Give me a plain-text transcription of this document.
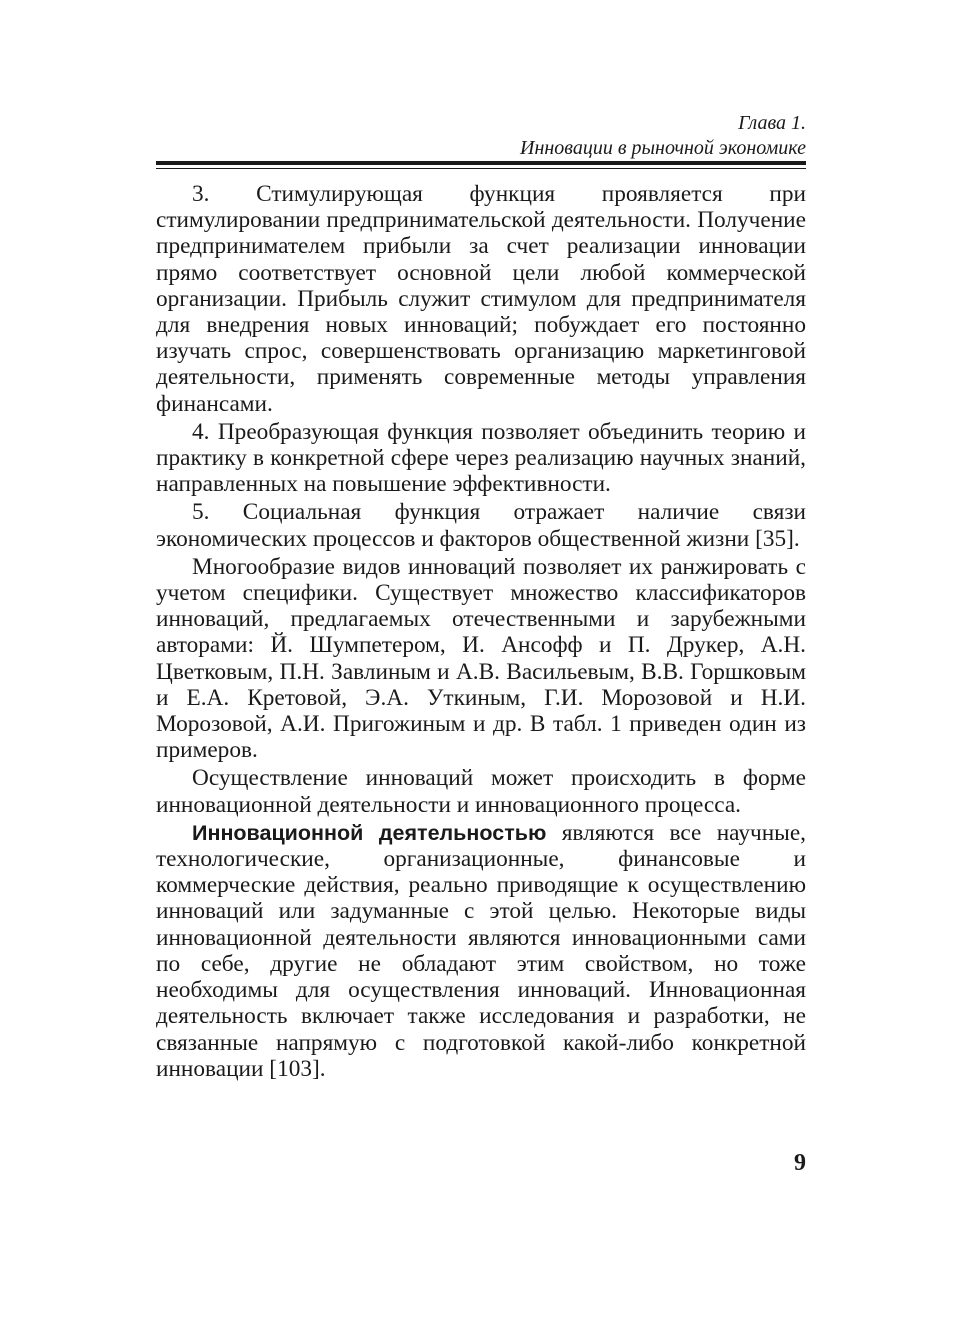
Глава 1.
Инновации в рыночной экономике

3. Стимулирующая функция проявляется при стимулировании предпринимательской деятельности. Получение предпринимателем прибыли за счет реализации инновации прямо соответствует основной цели любой коммерческой организации. Прибыль служит стимулом для предпринимателя для внедрения новых инноваций; побуждает его постоянно изучать спрос, совершенствовать организацию маркетинговой деятельности, применять современные методы управления финансами.

4. Преобразующая функция позволяет объединить теорию и практику в конкретной сфере через реализацию научных знаний, направленных на повышение эффективности.

5. Социальная функция отражает наличие связи экономических процессов и факторов общественной жизни [35].

Многообразие видов инноваций позволяет их ранжировать с учетом специфики. Существует множество классификаторов инноваций, предлагаемых отечественными и зарубежными авторами: Й. Шумпетером, И. Ансофф и П. Друкер, А.Н. Цветковым, П.Н. Завлиным и А.В. Васильевым, В.В. Горшковым и Е.А. Кретовой, Э.А. Уткиным, Г.И. Морозовой и Н.И. Морозовой, А.И. Пригожиным и др. В табл. 1 приведен один из примеров.

Осуществление инноваций может происходить в форме инновационной деятельности и инновационного процесса.

Инновационной деятельностью являются все научные, технологические, организационные, финансовые и коммерческие действия, реально приводящие к осуществлению инноваций или задуманные с этой целью. Некоторые виды инновационной деятельности являются инновационными сами по себе, другие не обладают этим свойством, но тоже необходимы для осуществления инноваций. Инновационная деятельность включает также исследования и разработки, не связанные напрямую с подготовкой какой-либо конкретной инновации [103].

9
